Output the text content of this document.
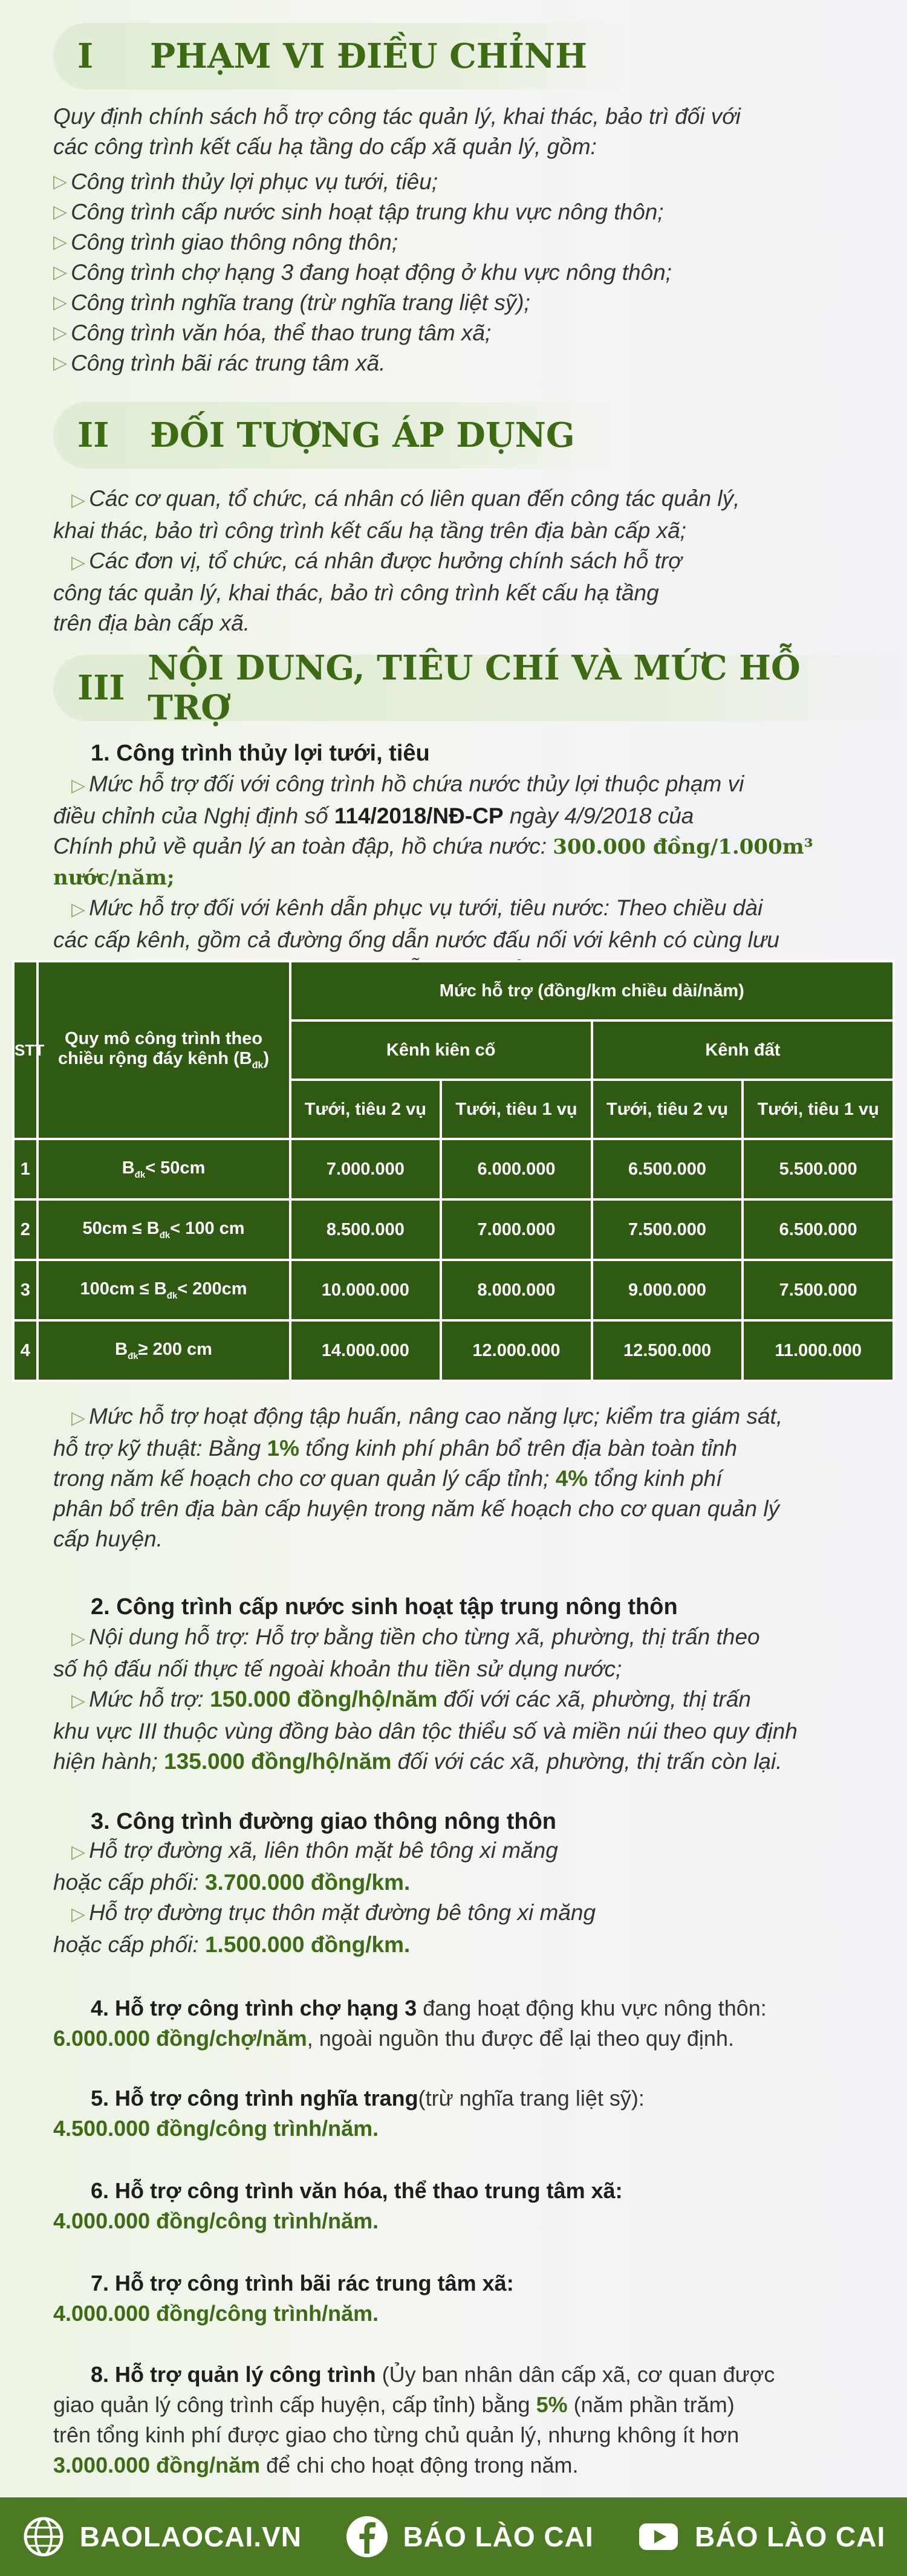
I	PHẠM VI ĐIỀU CHỈNH
Quy định chính sách hỗ trợ công tác quản lý, khai thác, bảo trì đối với
các công trình kết cấu hạ tầng do cấp xã quản lý, gồm:
▷ Công trình thủy lợi phục vụ tưới, tiêu;
▷ Công trình cấp nước sinh hoạt tập trung khu vực nông thôn;
▷ Công trình giao thông nông thôn;
▷ Công trình chợ hạng 3 đang hoạt động ở khu vực nông thôn;
▷ Công trình nghĩa trang (trừ nghĩa trang liệt sỹ);
▷ Công trình văn hóa, thể thao trung tâm xã;
▷ Công trình bãi rác trung tâm xã.
II	ĐỐI TƯỢNG ÁP DỤNG
▷ Các cơ quan, tổ chức, cá nhân có liên quan đến công tác quản lý,
khai thác, bảo trì công trình kết cấu hạ tầng trên địa bàn cấp xã;
▷ Các đơn vị, tổ chức, cá nhân được hưởng chính sách hỗ trợ
công tác quản lý, khai thác, bảo trì công trình kết cấu hạ tầng
trên địa bàn cấp xã.
III NỘI DUNG, TIÊU CHÍ VÀ MỨC HỖ TRỢ
1. Công trình thủy lợi tưới, tiêu
▷ Mức hỗ trợ đối với công trình hồ chứa nước thủy lợi thuộc phạm vi
điều chỉnh của Nghị định số 114/2018/NĐ-CP ngày 4/9/2018 của
Chính phủ về quản lý an toàn đập, hồ chứa nước: 300.000 đồng/1.000m³ nước/năm;
▷ Mức hỗ trợ đối với kênh dẫn phục vụ tưới, tiêu nước: Theo chiều dài
các cấp kênh, gồm cả đường ống dẫn nước đấu nối với kênh có cùng lưu
STT	Quy mô công trình theo
chiều rộng đáy kênh $(B_{đk})$	Mức hỗ trợ (đồng/km chiều dài/năm)			
		Kênh kiên cố		Kênh đất	
		Tưới, tiêu 2 vụ	Tưới, tiêu 1 vụ	Tưới, tiêu 2 vụ	Tưới, tiêu 1 vụ
1	$B_{đk}< 50cm$	7.000.000	6.000.000	6.500.000	5.500.000
2	$50cm \le B_{đk}< 100$ cm	8.500.000	7.000.000	7.500.000	6.500.000
3	$100cm \le B_{đk}< 200cm$	10.000.000	8.000.000	9.000.000	7.500.000
4	$B_{đk}\ge 200$ cm	14.000.000	12.000.000	12.500.000	11.000.000
▷ Mức hỗ trợ hoạt động tập huấn, nâng cao năng lực; kiểm tra giám sát,
hỗ trợ kỹ thuật: Bằng 1% tổng kinh phí phân bổ trên địa bàn toàn tỉnh
trong năm kế hoạch cho cơ quan quản lý cấp tỉnh; 4% tổng kinh phí
phân bổ trên địa bàn cấp huyện trong năm kế hoạch cho cơ quan quản lý
cấp huyện.
2. Công trình cấp nước sinh hoạt tập trung nông thôn
▷ Nội dung hỗ trợ: Hỗ trợ bằng tiền cho từng xã, phường, thị trấn theo
số hộ đấu nối thực tế ngoài khoản thu tiền sử dụng nước;
▷ Mức hỗ trợ: 150.000 đồng/hộ/năm đối với các xã, phường, thị trấn
khu vực III thuộc vùng đồng bào dân tộc thiểu số và miền núi theo quy định
hiện hành; 135.000 đồng/hộ/năm đối với các xã, phường, thị trấn còn lại.
3. Công trình đường giao thông nông thôn
▷ Hỗ trợ đường xã, liên thôn mặt bê tông xi măng
hoặc cấp phối: 3.700.000 đồng/km.
▷ Hỗ trợ đường trục thôn mặt đường bê tông xi măng
hoặc cấp phối: 1.500.000 đồng/km.
4. Hỗ trợ công trình chợ hạng 3 đang hoạt động khu vực nông thôn:
6.000.000 đồng/chợ/năm, ngoài nguồn thu được để lại theo quy định.
5. Hỗ trợ công trình nghĩa trang(trừ nghĩa trang liệt sỹ):
4.500.000 đồng/công trình/năm.
6. Hỗ trợ công trình văn hóa, thể thao trung tâm xã:
4.000.000 đồng/công trình/năm.
7. Hỗ trợ công trình bãi rác trung tâm xã:
4.000.000 đồng/công trình/năm.
8. Hỗ trợ quản lý công trình (Ủy ban nhân dân cấp xã, cơ quan được
giao quản lý công trình cấp huyện, cấp tỉnh) bằng 5% (năm phần trăm)
trên tổng kinh phí được giao cho từng chủ quản lý, nhưng không ít hơn
3.000.000 đồng/năm để chi cho hoạt động trong năm.
BAOLAOCAI.VN	BÁO LÀO CAI	BÁO LÀO CAI
